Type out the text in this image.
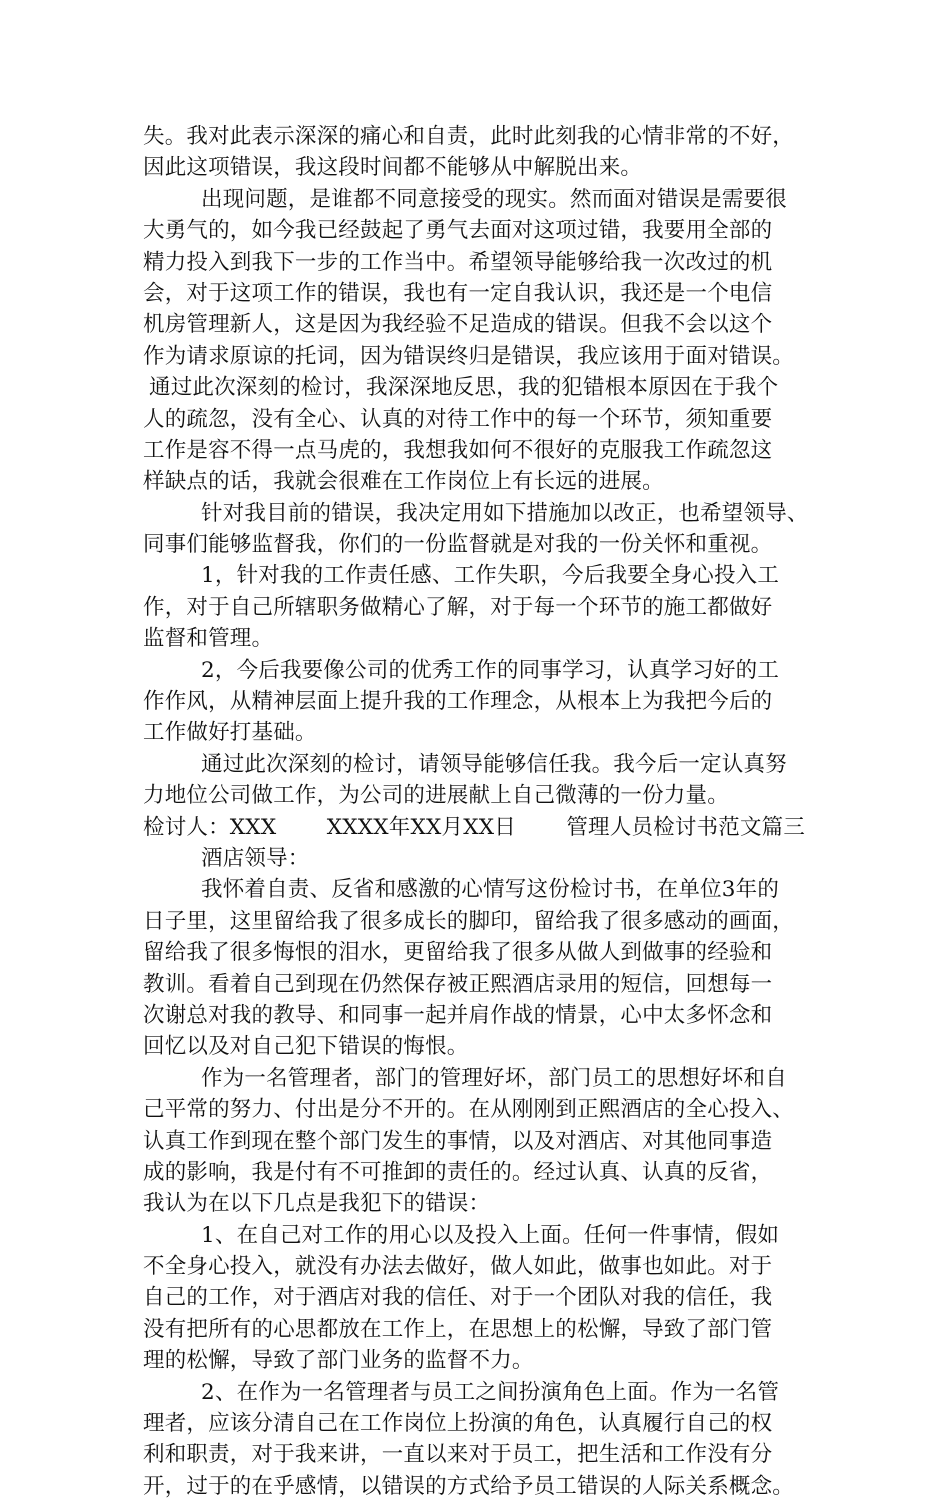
失。我对此表示深深的痛心和自责，此时此刻我的心情非常的不好，
因此这项错误，我这段时间都不能够从中解脱出来。
出现问题，是谁都不同意接受的现实。然而面对错误是需要很
大勇气的，如今我已经鼓起了勇气去面对这项过错，我要用全部的
精力投入到我下一步的工作当中。希望领导能够给我一次改过的机
会，对于这项工作的错误，我也有一定自我认识，我还是一个电信
机房管理新人，这是因为我经验不足造成的错误。但我不会以这个
作为请求原谅的托词，因为错误终归是错误，我应该用于面对错误。
通过此次深刻的检讨，我深深地反思，我的犯错根本原因在于我个
人的疏忽，没有全心、认真的对待工作中的每一个环节，须知重要
工作是容不得一点马虎的，我想我如何不很好的克服我工作疏忽这
样缺点的话，我就会很难在工作岗位上有长远的进展。
针对我目前的错误，我决定用如下措施加以改正，也希望领导、
同事们能够监督我，你们的一份监督就是对我的一份关怀和重视。
1，针对我的工作责任感、工作失职，今后我要全身心投入工
作，对于自己所辖职务做精心了解，对于每一个环节的施工都做好
监督和管理。
2，今后我要像公司的优秀工作的同事学习，认真学习好的工
作作风，从精神层面上提升我的工作理念，从根本上为我把今后的
工作做好打基础。
通过此次深刻的检讨，请领导能够信任我。我今后一定认真努
力地位公司做工作，为公司的进展献上自己微薄的一份力量。
检讨人：XXX　　 XXXX年XX月XX日　　 管理人员检讨书范文篇三
酒店领导：
我怀着自责、反省和感激的心情写这份检讨书，在单位3年的
日子里，这里留给我了很多成长的脚印，留给我了很多感动的画面，
留给我了很多悔恨的泪水，更留给我了很多从做人到做事的经验和
教训。看着自己到现在仍然保存被正熙酒店录用的短信，回想每一
次谢总对我的教导、和同事一起并肩作战的情景，心中太多怀念和
回忆以及对自己犯下错误的悔恨。
作为一名管理者，部门的管理好坏，部门员工的思想好坏和自
己平常的努力、付出是分不开的。在从刚刚到正熙酒店的全心投入、
认真工作到现在整个部门发生的事情，以及对酒店、对其他同事造
成的影响，我是付有不可推卸的责任的。经过认真、认真的反省，
我认为在以下几点是我犯下的错误：
1、在自己对工作的用心以及投入上面。任何一件事情，假如
不全身心投入，就没有办法去做好，做人如此，做事也如此。对于
自己的工作，对于酒店对我的信任、对于一个团队对我的信任，我
没有把所有的心思都放在工作上，在思想上的松懈，导致了部门管
理的松懈，导致了部门业务的监督不力。
2、在作为一名管理者与员工之间扮演角色上面。作为一名管
理者，应该分清自己在工作岗位上扮演的角色，认真履行自己的权
利和职责，对于我来讲，一直以来对于员工，把生活和工作没有分
开，过于的在乎感情，以错误的方式给予员工错误的人际关系概念。
